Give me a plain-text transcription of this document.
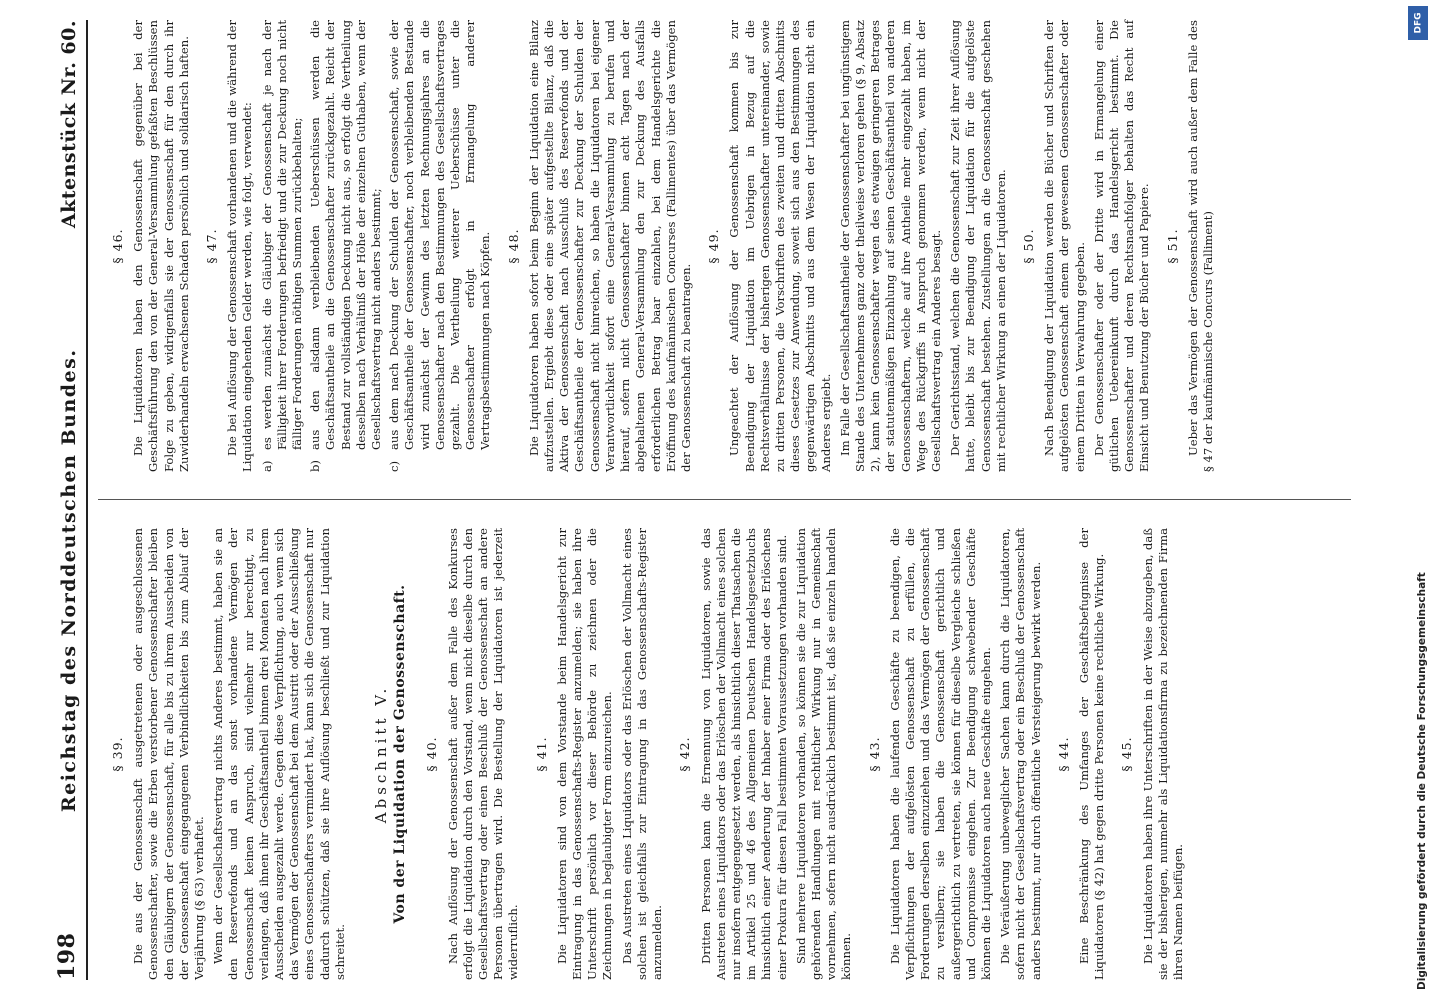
198
Reichstag des Norddeutschen Bundes.
Aktenstück Nr. 60.

§ 39. Die aus der Genossenschaft ausgetretenen oder ausgeschlossenen Genossenschafter, sowie die Erben verstorbener Genossenschafter bleiben den Gläubigern der Genossenschaft, für alle bis zu ihrem Ausscheiden von der Genossenschaft eingegangenen Verbindlichkeiten bis zum Ablauf der Verjährung (§ 63) verhaftet. Wenn der Gesellschaftsvertrag nichts Anderes bestimmt, haben sie an den Reservefonds und an das sonst vorhandene Vermögen der Genossenschaft keinen Anspruch, sind vielmehr nur berechtigt, zu verlangen, daß ihnen ihr Geschäftsantheil binnen drei Monaten nach ihrem Ausscheiden ausgezahlt werde. Gegen diese Verpflichtung, auch wenn sich das Vermögen der Genossenschaft bei dem Austritt oder der Ausschließung eines Genossenschafters vermindert hat, kann sich die Genossenschaft nur dadurch schützen, daß sie ihre Auflösung beschließt und zur Liquidation schreitet.

Abschnitt V. Von der Liquidation der Genossenschaft. § 40. Nach Auflösung der Genossenschaft außer dem Falle des Konkurses erfolgt die Liquidation durch den Vorstand, wenn nicht dieselbe durch den Gesellschaftsvertrag oder einen Beschluß der Genossenschaft an andere Personen übertragen wird. Die Bestellung der Liquidatoren ist jederzeit widerruflich.

§ 41. Die Liquidatoren sind von dem Vorstande beim Handelsgericht zur Eintragung in das Genossenschafts-Register anzumelden; sie haben ihre Unterschrift persönlich vor dieser Behörde zu zeichnen oder die Zeichnungen in beglaubigter Form einzureichen. Das Austreten eines Liquidators oder das Erlöschen der Vollmacht eines solchen ist gleichfalls zur Eintragung in das Genossenschafts-Register anzumelden.

§ 42. Dritten Personen kann die Ernennung von Liquidatoren, sowie das Austreten eines Liquidators oder das Erlöschen der Vollmacht eines solchen nur insofern entgegengesetzt werden, als hinsichtlich dieser Thatsachen die im Artikel 25 und 46 des Allgemeinen Deutschen Handelsgesetzbuchs hinsichtlich einer Aenderung der Inhaber einer Firma oder des Erlöschens einer Prokura für diesen Fall bestimmten Voraussetzungen vorhanden sind. Sind mehrere Liquidatoren vorhanden, so können sie die zur Liquidation gehörenden Handlungen mit rechtlicher Wirkung nur in Gemeinschaft vornehmen, sofern nicht ausdrücklich bestimmt ist, daß sie einzeln handeln können.

§ 43. Die Liquidatoren haben die laufenden Geschäfte zu beendigen, die Verpflichtungen der aufgelösten Genossenschaft zu erfüllen, die Forderungen derselben einzuziehen und das Vermögen der Genossenschaft zu versilbern; sie haben die Genossenschaft gerichtlich und außergerichtlich zu vertreten, sie können für dieselbe Vergleiche schließen und Compromisse eingehen. Zur Beendigung schwebender Geschäfte können die Liquidatoren auch neue Geschäfte eingehen. Die Veräußerung unbeweglicher Sachen kann durch die Liquidatoren, sofern nicht der Gesellschaftsvertrag oder ein Beschluß der Genossenschaft anders bestimmt, nur durch öffentliche Versteigerung bewirkt werden. § 44. Eine Beschränkung des Umfanges der Geschäftsbefugnisse der Liquidatoren (§ 42) hat gegen dritte Personen keine rechtliche Wirkung. § 45. Die Liquidatoren haben ihre Unterschriften in der Weise abzugeben, daß sie der bisherigen, nunmehr als Liquidationsfirma zu bezeichnenden Firma ihren Namen beifügen.

§ 46. Die Liquidatoren haben den Genossenschaft gegenüber bei der Geschäftsführung den von der General-Versammlung gefaßten Beschlüssen Folge zu geben, widrigenfalls sie der Genossenschaft für den durch ihr Zuwiderhandeln erwachsenen Schaden persönlich und solidarisch haften. § 47. Die bei Auflösung der Genossenschaft vorhandenen und die während der Liquidation eingehenden Gelder werden, wie folgt, verwendet: a)
es werden zunächst die Gläubiger der Genossenschaft je nach der Fälligkeit ihrer Forderungen befriedigt und die zur Deckung noch nicht fälliger Forderungen nöthigen Summen zurückbehalten;
b)
aus den alsdann verbleibenden Ueberschüssen werden die Geschäftsantheile an die Genossenschafter zurückgezahlt. Reicht der Bestand zur vollständigen Deckung nicht aus, so erfolgt die Vertheilung desselben nach Verhältniß der Höhe der einzelnen Guthaben, wenn der Gesellschaftsvertrag nicht anders bestimmt;
c)
aus dem nach Deckung der Schulden der Genossenschaft, sowie der Geschäftsantheile der Genossenschafter, noch verbleibenden Bestande wird zunächst der Gewinn des letzten Rechnungsjahres an die Genossenschafter nach den Bestimmungen des Gesellschaftsvertrages gezahlt. Die Vertheilung weiterer Ueberschüsse unter die Genossenschafter erfolgt in Ermangelung anderer Vertragsbestimmungen nach Köpfen. § 48. Die Liquidatoren haben sofort beim Beginn der Liquidation eine Bilanz aufzustellen. Ergiebt diese oder eine später aufgestellte Bilanz, daß die Aktiva der Genossenschaft nach Ausschluß des Reservefonds und der Geschäftsantheile der Genossenschafter zur Deckung der Schulden der Genossenschaft nicht hinreichen, so haben die Liquidatoren bei eigener Verantwortlichkeit sofort eine General-Versammlung zu berufen und hierauf, sofern nicht Genossenschafter binnen acht Tagen nach der abgehaltenen General-Versammlung den zur Deckung des Ausfalls erforderlichen Betrag baar einzahlen, bei dem Handelsgerichte die Eröffnung des kaufmännischen Concurses (Fallimentes) über das Vermögen der Genossenschaft zu beantragen.

§ 49. Ungeachtet der Auflösung der Genossenschaft kommen bis zur Beendigung der Liquidation im Uebrigen in Bezug auf die Rechtsverhältnisse der bisherigen Genossenschafter untereinander, sowie zu dritten Personen, die Vorschriften des zweiten und dritten Abschnitts dieses Gesetzes zur Anwendung, soweit sich aus den Bestimmungen des gegenwärtigen Abschnitts und aus dem Wesen der Liquidation nicht ein Anderes ergiebt. Im Falle der Gesellschaftsantheile der Genossenschafter bei ungünstigem Stande des Unternehmens ganz oder theilweise verloren gehen (§ 9, Absatz 2), kann kein Genossenschafter wegen des etwaigen geringeren Betrages der statutenmäßigen Einzahlung auf seinen Geschäftsantheil von anderen Genossenschaftern, welche auf ihre Antheile mehr eingezahlt haben, im Wege des Rückgriffs in Anspruch genommen werden, wenn nicht der Gesellschaftsvertrag ein Anderes besagt. Der Gerichtsstand, welchen die Genossenschaft zur Zeit ihrer Auflösung hatte, bleibt bis zur Beendigung der Liquidation für die aufgelöste Genossenschaft bestehen. Zustellungen an die Genossenschaft geschehen mit rechtlicher Wirkung an einen der Liquidatoren. § 50. Nach Beendigung der Liquidation werden die Bücher und Schriften der aufgelösten Genossenschaft einem der gewesenen Genossenschafter oder einem Dritten in Verwahrung gegeben. Der Genossenschafter oder der Dritte wird in Ermangelung einer gütlichen Uebereinkunft durch das Handelsgericht bestimmt. Die Genossenschafter und deren Rechtsnachfolger behalten das Recht auf Einsicht und Benutzung der Bücher und Papiere. § 51. Ueber das Vermögen der Genossenschaft wird auch außer dem Falle des § 47 der kaufmännische Concurs (Falliment)

DFG
Digitalisierung gefördert durch die Deutsche Forschungsgemeinschaft
